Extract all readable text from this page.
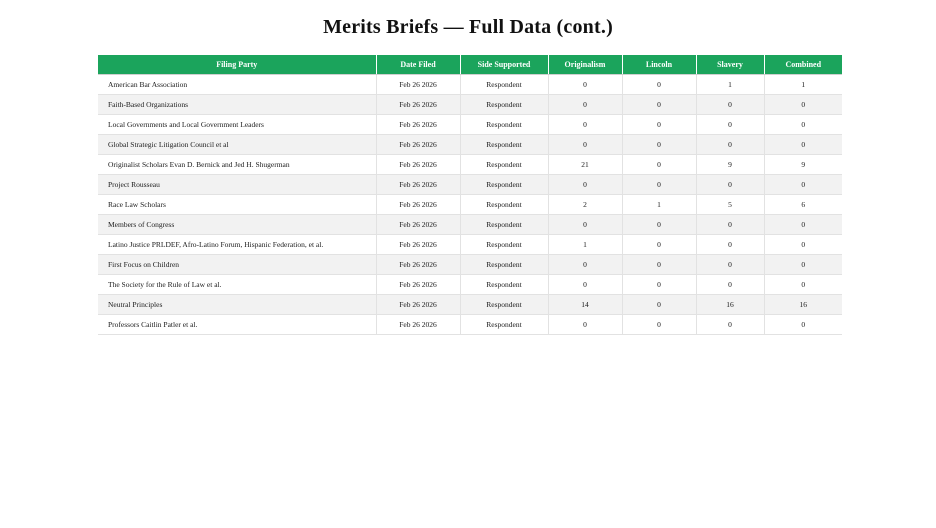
Merits Briefs — Full Data (cont.)
Filing Party	Date Filed	Side Supported	Originalism	Lincoln	Slavery	Combined
American Bar Association	Feb 26 2026	Respondent	0	0	1	1
Faith-Based Organizations	Feb 26 2026	Respondent	0	0	0	0
Local Governments and Local Government Leaders	Feb 26 2026	Respondent	0	0	0	0
Global Strategic Litigation Council et al	Feb 26 2026	Respondent	0	0	0	0
Originalist Scholars Evan D. Bernick and Jed H. Shugerman	Feb 26 2026	Respondent	21	0	9	9
Project Rousseau	Feb 26 2026	Respondent	0	0	0	0
Race Law Scholars	Feb 26 2026	Respondent	2	1	5	6
Members of Congress	Feb 26 2026	Respondent	0	0	0	0
Latino Justice PRLDEF, Afro-Latino Forum, Hispanic Federation, et al.	Feb 26 2026	Respondent	1	0	0	0
First Focus on Children	Feb 26 2026	Respondent	0	0	0	0
The Society for the Rule of Law et al.	Feb 26 2026	Respondent	0	0	0	0
Neutral Principles	Feb 26 2026	Respondent	14	0	16	16
Professors Caitlin Patler et al.	Feb 26 2026	Respondent	0	0	0	0
